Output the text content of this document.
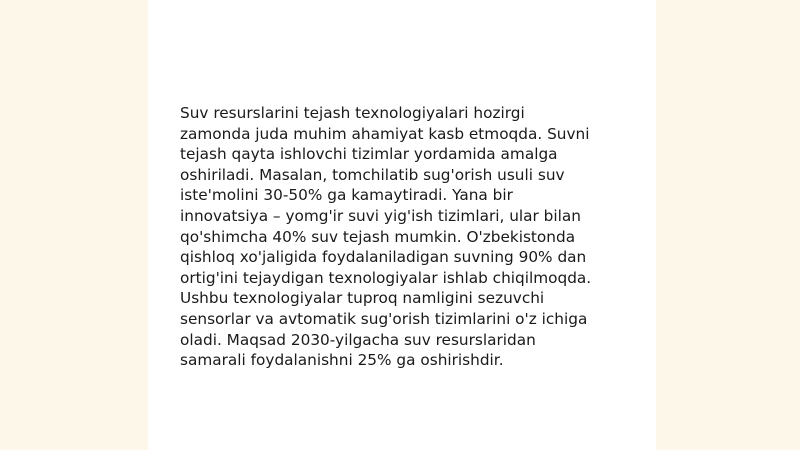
Suv resurslarini tejash texnologiyalari hozirgi
zamonda juda muhim ahamiyat kasb etmoqda. Suvni
tejash qayta ishlovchi tizimlar yordamida amalga
oshiriladi. Masalan, tomchilatib sug'orish usuli suv
iste'molini 30-50% ga kamaytiradi. Yana bir
innovatsiya – yomg'ir suvi yig'ish tizimlari, ular bilan
qo'shimcha 40% suv tejash mumkin. O'zbekistonda
qishloq xo'jaligida foydalaniladigan suvning 90% dan
ortig'ini tejaydigan texnologiyalar ishlab chiqilmoqda.
Ushbu texnologiyalar tuproq namligini sezuvchi
sensorlar va avtomatik sug'orish tizimlarini o'z ichiga
oladi. Maqsad 2030-yilgacha suv resurslaridan
samarali foydalanishni 25% ga oshirishdir.
